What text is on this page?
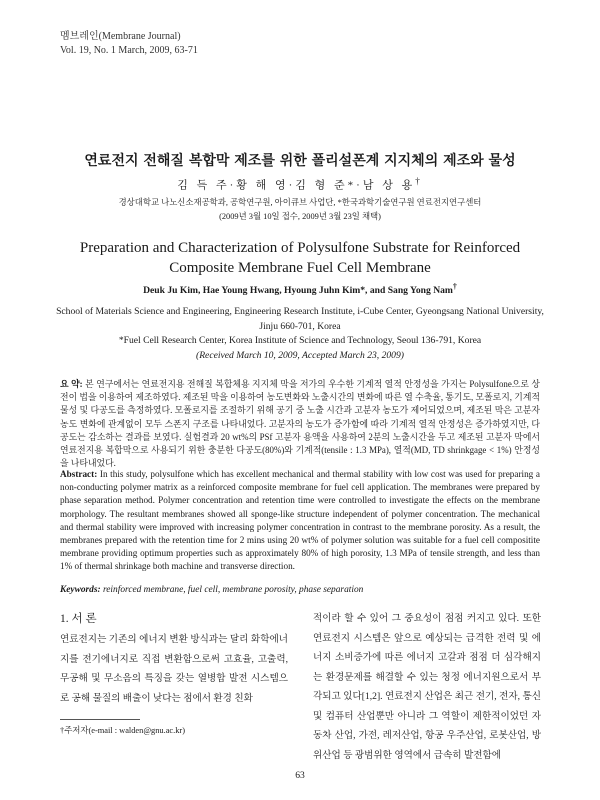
멤브레인(Membrane Journal)
Vol. 19, No. 1 March, 2009, 63-71
연료전지 전해질 복합막 제조를 위한 폴리설폰계 지지체의 제조와 물성
김 득 주·황 해 영·김 형 준*·남 상 용†
경상대학교 나노신소재공학과, 공학연구원, 아이큐브 사업단, *한국과학기술연구원 연료전지연구센터
(2009년 3월 10일 접수, 2009년 3월 23일 채택)
Preparation and Characterization of Polysulfone Substrate for Reinforced
Composite Membrane Fuel Cell Membrane
Deuk Ju Kim, Hae Young Hwang, Hyoung Juhn Kim*, and Sang Yong Nam†
School of Materials Science and Engineering, Engineering Research Institute, i-Cube Center, Gyeongsang National University,
Jinju 660-701, Korea
*Fuel Cell Research Center, Korea Institute of Science and Technology, Seoul 136-791, Korea
(Received March 10, 2009, Accepted March 23, 2009)
요 약: 본 연구에서는 연료전지용 전해질 복합체용 지지체 막을 저가의 우수한 기계적 열적 안정성을 가지는 Polysulfone으로 상전이 법을 이용하여 제조하였다. 제조된 막을 이용하여 농도변화와 노출시간의 변화에 따른 열 수축율, 통기도, 모폴로지, 기계적 물성 및 다공도를 측정하였다. 모폴로지를 조절하기 위해 공기 중 노출 시간과 고분자 농도가 제어되었으며, 제조된 막은 고분자 농도 변화에 관계없이 모두 스폰지 구조를 나타내었다. 고분자의 농도가 증가함에 따라 기계적 열적 안정성은 증가하였지만, 다공도는 감소하는 결과를 보였다. 실험결과 20 wt%의 PSf 고분자 용액을 사용하여 2분의 노출시간을 두고 제조된 고분자 막에서 연료전지용 복합막으로 사용되기 위한 충분한 다공도(80%)와 기계적(tensile : 1.3 MPa), 열적(MD, TD shrinkgage < 1%) 안정성을 나타내었다.
Abstract: In this study, polysulfone which has excellent mechanical and thermal stability with low cost was used for preparing a non-conducting polymer matrix as a reinforced composite membrane for fuel cell application. The membranes were prepared by phase separation method. Polymer concentration and retention time were controlled to investigate the effects on the membrane morphology. The resultant membranes showed all sponge-like structure independent of polymer concentration. The mechanical and thermal stability were improved with increasing polymer concentration in contrast to the membrane porosity. As a result, the membranes prepared with the retention time for 2 mins using 20 wt% of polymer solution was suitable for a fuel cell compositite membrane providing optimum properties such as approximately 80% of high porosity, 1.3 MPa of tensile strength, and less than 1% of thermal shrinkage both machine and transverse direction.
Keywords: reinforced membrane, fuel cell, membrane porosity, phase separation
1. 서 론
연료전지는 기존의 에너지 변환 방식과는 달리 화학에너지를 전기에너지로 직접 변환함으로써 고효율, 고출력, 무공해 및 무소음의 특징을 갖는 열병합 발전 시스템으로 공해 물질의 배출이 낮다는 점에서 환경 친화
적이라 할 수 있어 그 중요성이 점점 커지고 있다. 또한 연료전지 시스템은 앞으로 예상되는 급격한 전력 및 에너지 소비증가에 따른 에너지 고갈과 점점 더 심각해지는 환경문제를 해결할 수 있는 청정 에너지원으로서 부각되고 있다[1,2]. 연료전지 산업은 최근 전기, 전자, 통신 및 컴퓨터 산업뿐만 아니라 그 역할이 제한적이었던 자동차 산업, 가전, 레저산업, 항공 우주산업, 로봇산업, 방위산업 등 광범위한 영역에서 급속히 발전함에
†주저자(e-mail : walden@gnu.ac.kr)
63
